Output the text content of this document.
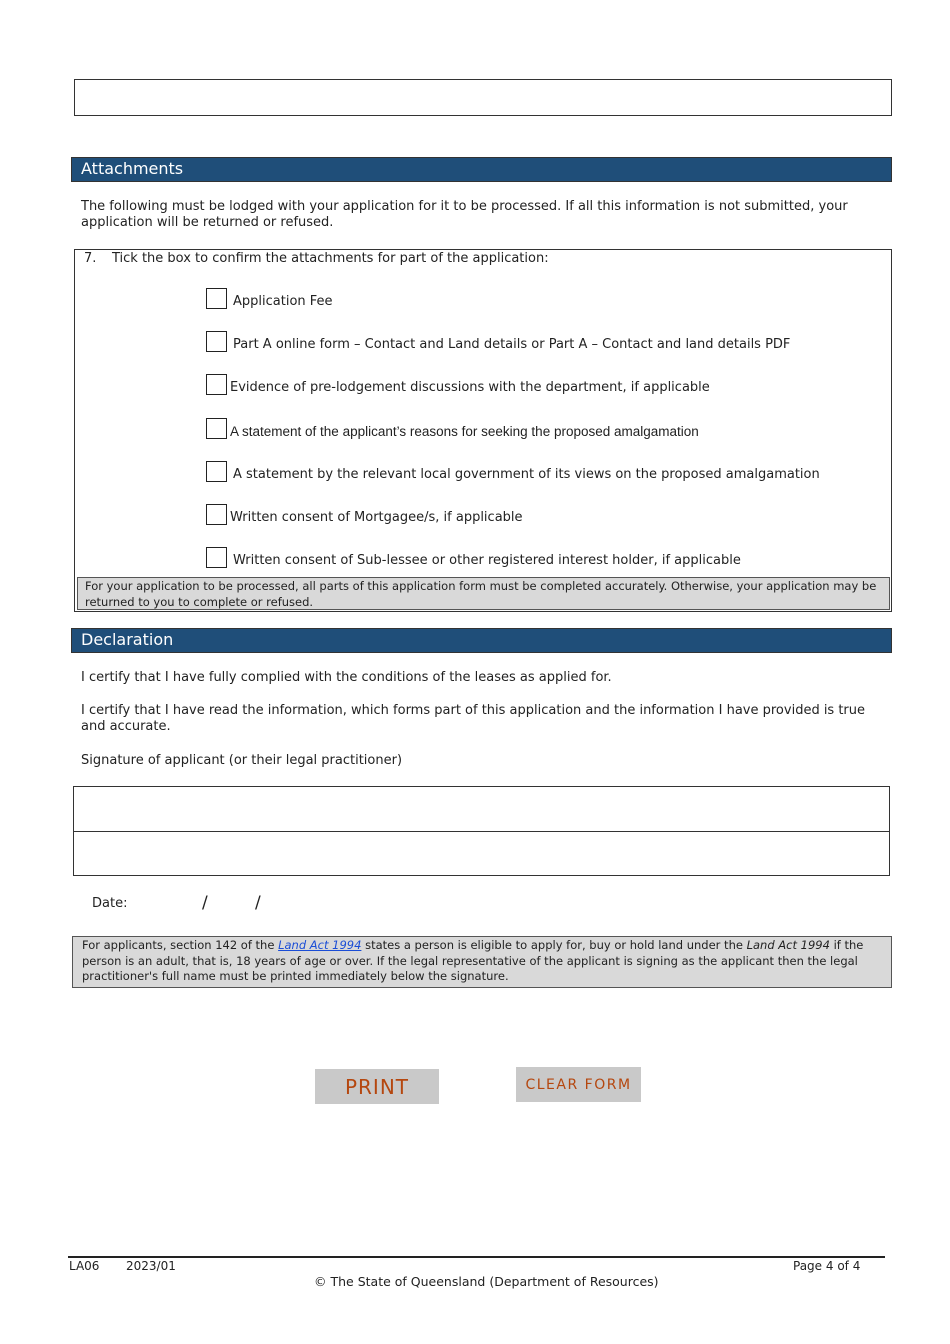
Attachments
The following must be lodged with your application for it to be processed. If all this information is not submitted, your application will be returned or refused.
7. Tick the box to confirm the attachments for part of the application:
Application Fee
Part A online form – Contact and Land details or Part A – Contact and land details PDF
Evidence of pre-lodgement discussions with the department, if applicable
A statement of the applicant’s reasons for seeking the proposed amalgamation
A statement by the relevant local government of its views on the proposed amalgamation
Written consent of Mortgagee/s, if applicable
Written consent of Sub-lessee or other registered interest holder, if applicable
For your application to be processed, all parts of this application form must be completed accurately. Otherwise, your application may be returned to you to complete or refused.
Declaration
I certify that I have fully complied with the conditions of the leases as applied for.
I certify that I have read the information, which forms part of this application and the information I have provided is true and accurate.
Signature of applicant (or their legal practitioner)
Date:	/	/
For applicants, section 142 of the Land Act 1994 states a person is eligible to apply for, buy or hold land under the Land Act 1994 if the person is an adult, that is, 18 years of age or over. If the legal representative of the applicant is signing as the applicant then the legal practitioner's full name must be printed immediately below the signature.
PRINT	CLEAR FORM
LA06 2023/01	Page 4 of 4
© The State of Queensland (Department of Resources)
